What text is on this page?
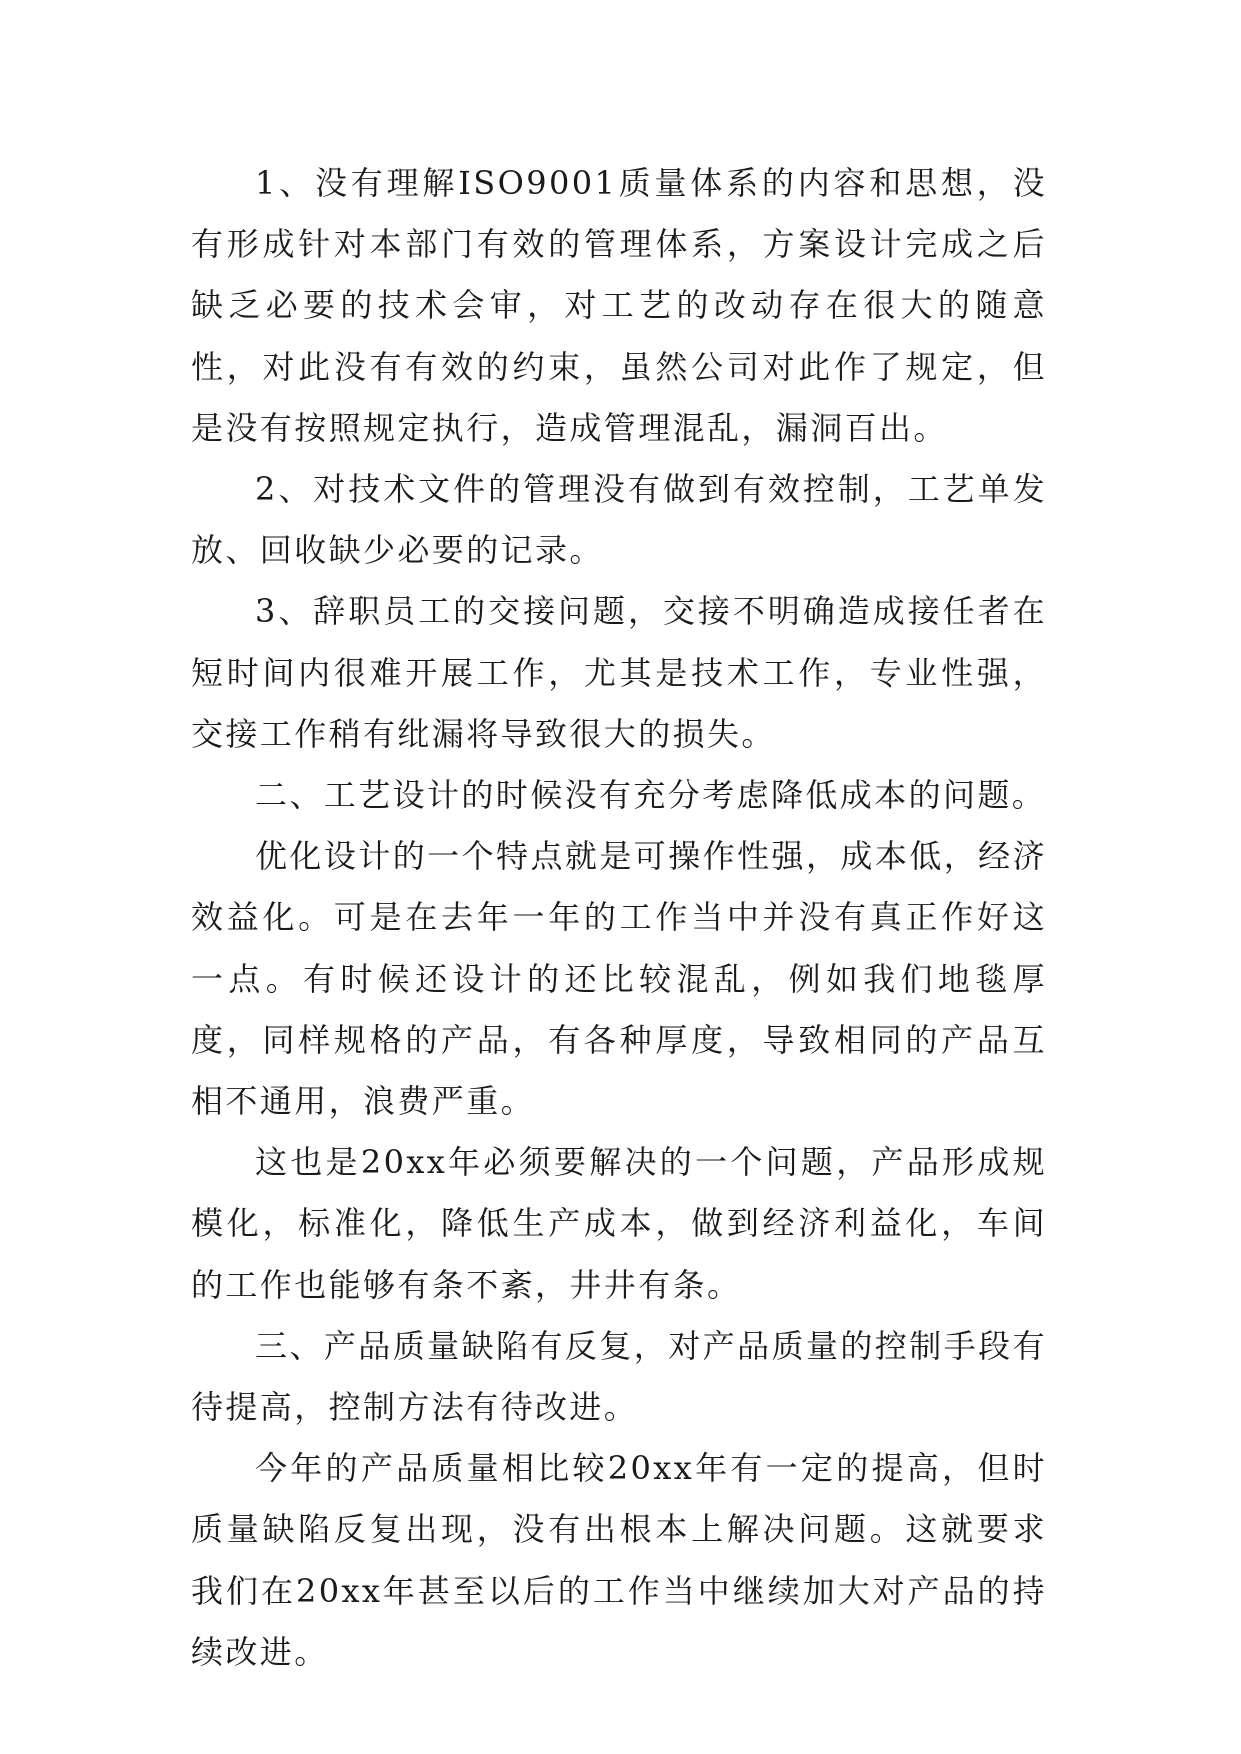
1、没有理解ISO9001质量体系的内容和思想，没有形成针对本部门有效的管理体系，方案设计完成之后缺乏必要的技术会审，对工艺的改动存在很大的随意性，对此没有有效的约束，虽然公司对此作了规定，但是没有按照规定执行，造成管理混乱，漏洞百出。

2、对技术文件的管理没有做到有效控制，工艺单发放、回收缺少必要的记录。

3、辞职员工的交接问题，交接不明确造成接任者在短时间内很难开展工作，尤其是技术工作，专业性强，交接工作稍有纰漏将导致很大的损失。

二、工艺设计的时候没有充分考虑降低成本的问题。

优化设计的一个特点就是可操作性强，成本低，经济效益化。可是在去年一年的工作当中并没有真正作好这一点。有时候还设计的还比较混乱，例如我们地毯厚度，同样规格的产品，有各种厚度，导致相同的产品互相不通用，浪费严重。

这也是20xx年必须要解决的一个问题，产品形成规模化，标准化，降低生产成本，做到经济利益化，车间的工作也能够有条不紊，井井有条。

三、产品质量缺陷有反复，对产品质量的控制手段有待提高，控制方法有待改进。

今年的产品质量相比较20xx年有一定的提高，但时质量缺陷反复出现，没有出根本上解决问题。这就要求我们在20xx年甚至以后的工作当中继续加大对产品的持续改进。
